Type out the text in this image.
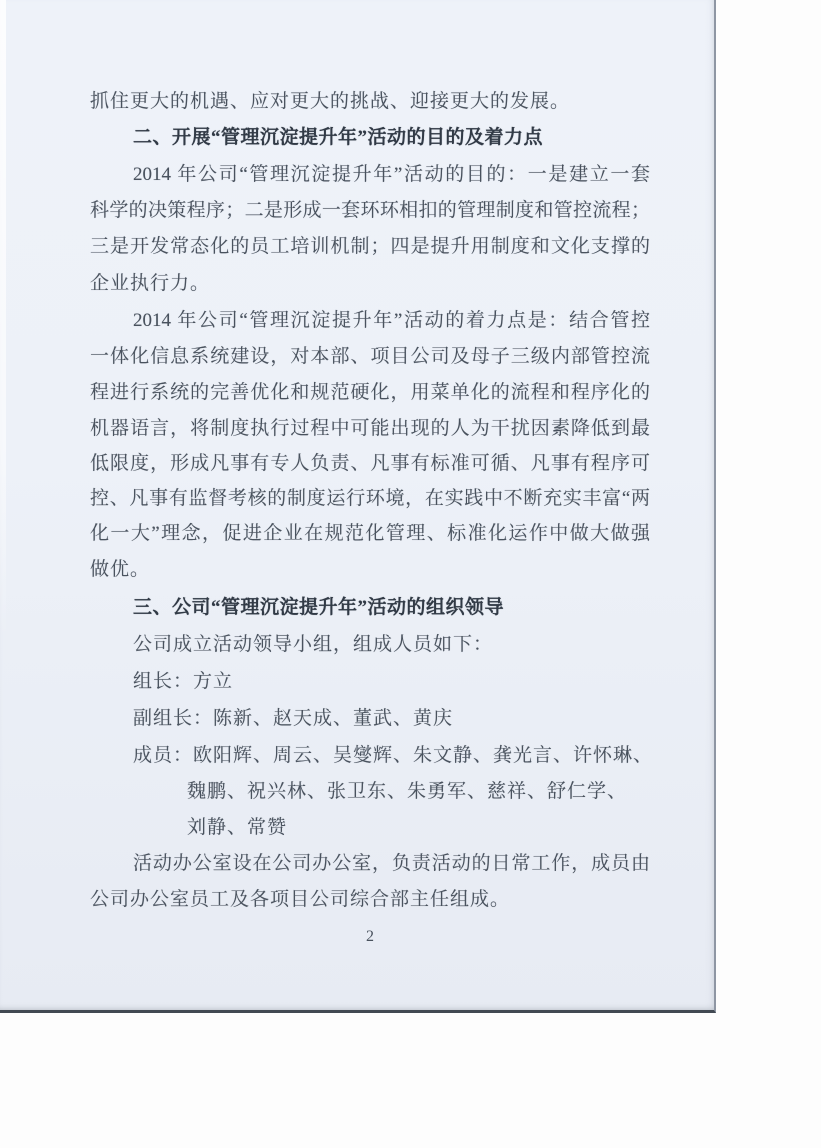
抓住更大的机遇、应对更大的挑战、迎接更大的发展。
二、开展“管理沉淀提升年”活动的目的及着力点
2014 年公司“管理沉淀提升年”活动的目的：一是建立一套
科学的决策程序；二是形成一套环环相扣的管理制度和管控流程；
三是开发常态化的员工培训机制；四是提升用制度和文化支撑的
企业执行力。
2014 年公司“管理沉淀提升年”活动的着力点是：结合管控
一体化信息系统建设，对本部、项目公司及母子三级内部管控流
程进行系统的完善优化和规范硬化，用菜单化的流程和程序化的
机器语言，将制度执行过程中可能出现的人为干扰因素降低到最
低限度，形成凡事有专人负责、凡事有标准可循、凡事有程序可
控、凡事有监督考核的制度运行环境，在实践中不断充实丰富“两
化一大”理念，促进企业在规范化管理、标准化运作中做大做强
做优。
三、公司“管理沉淀提升年”活动的组织领导
公司成立活动领导小组，组成人员如下：
组长：方立
副组长：陈新、赵天成、董武、黄庆
成员：欧阳辉、周云、吴燮辉、朱文静、龚光言、许怀琳、
魏鹏、祝兴林、张卫东、朱勇军、慈祥、舒仁学、
刘静、常赞
活动办公室设在公司办公室，负责活动的日常工作，成员由
公司办公室员工及各项目公司综合部主任组成。
2
